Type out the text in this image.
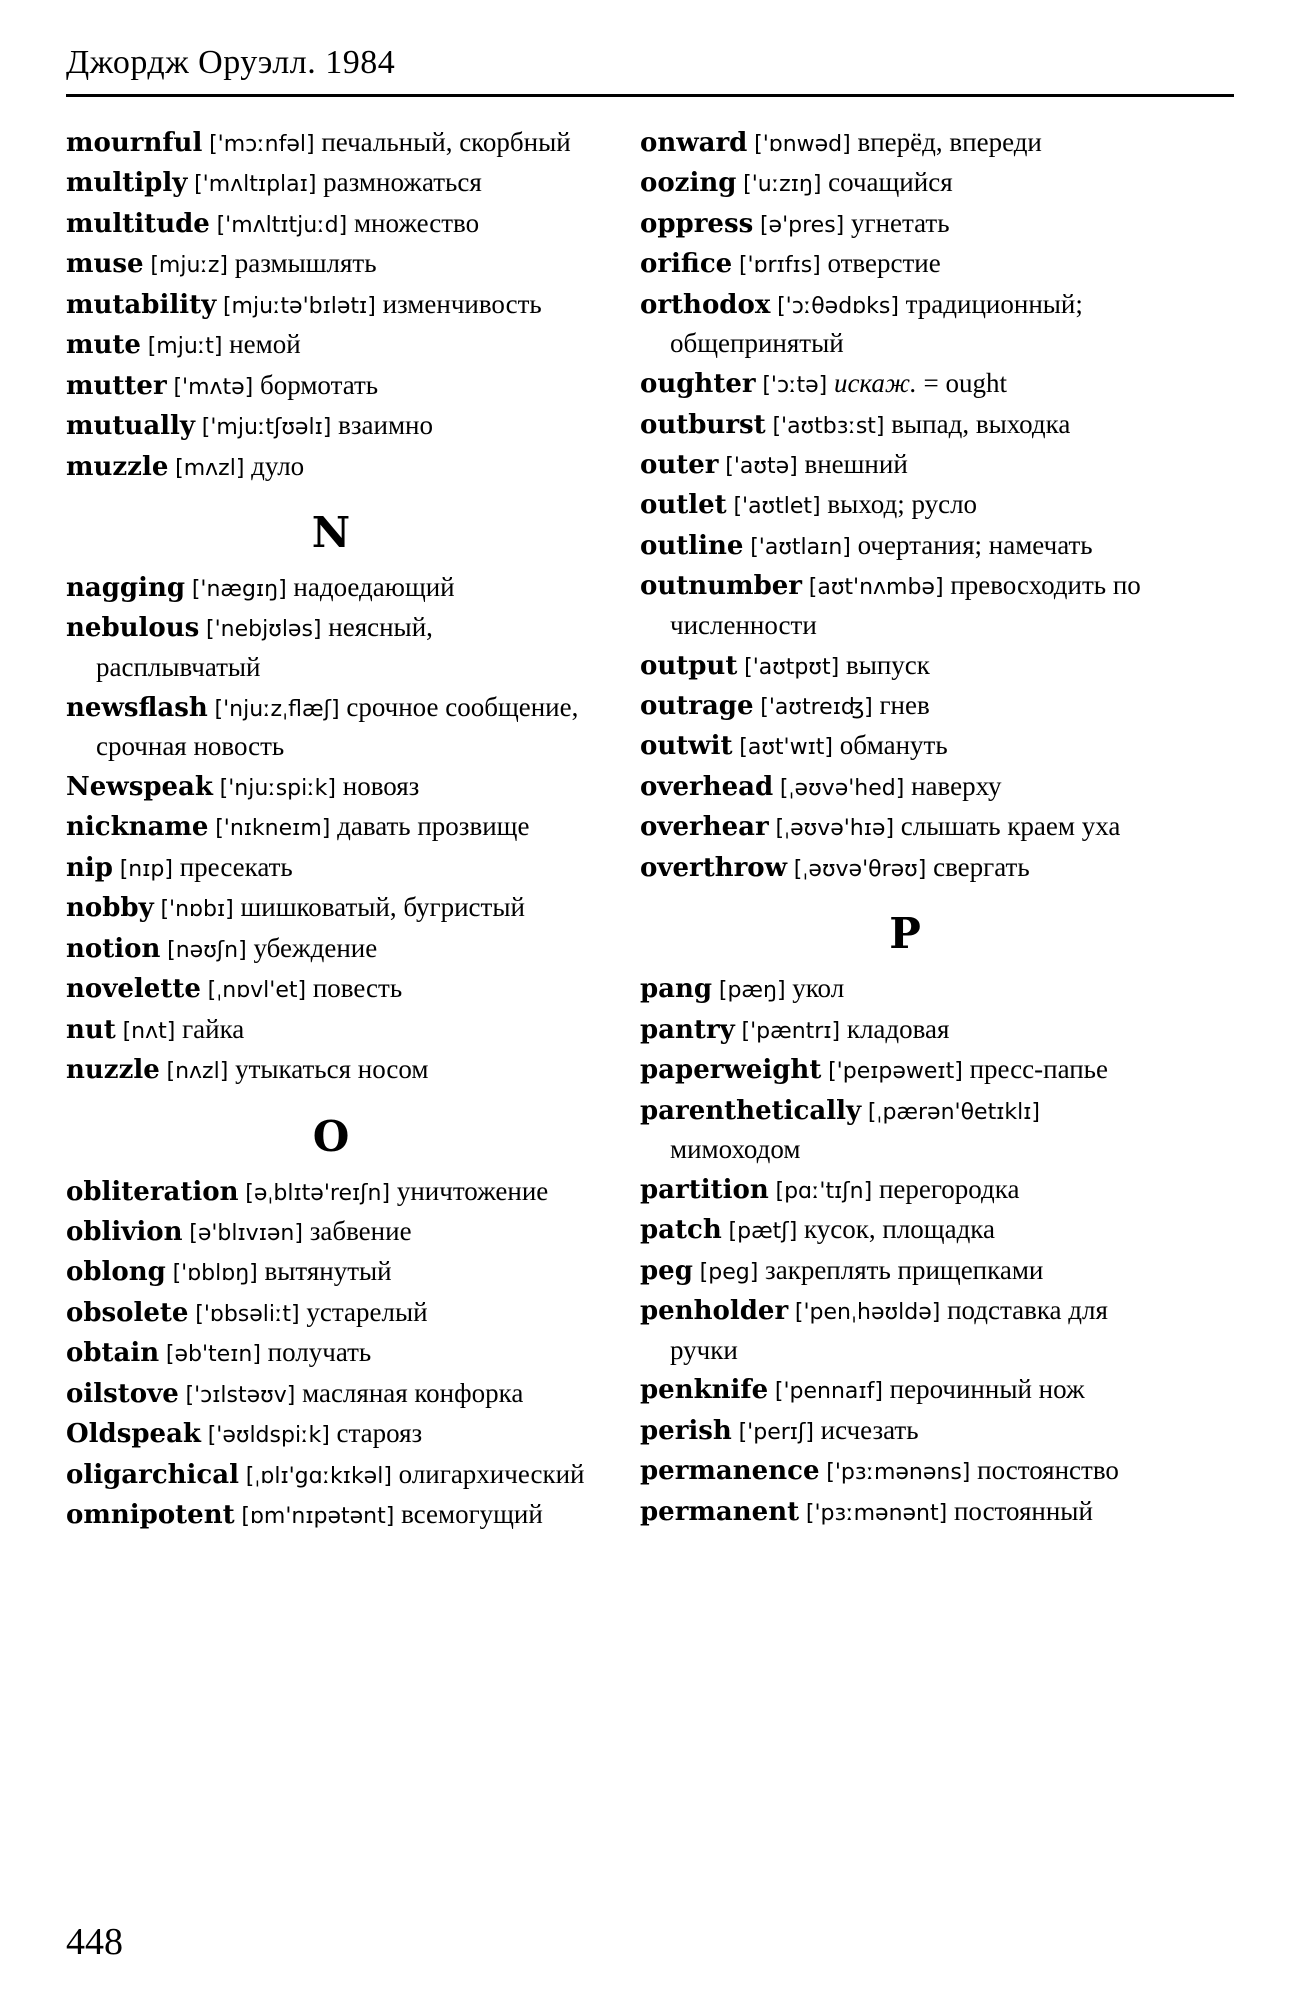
Джордж Оруэлл. 1984
mournful ['mɔːnfəl] печальный, скорбный
multiply ['mʌltɪplaɪ] размножаться
multitude ['mʌltɪtjuːd] множество
muse [mjuːz] размышлять
mutability [mjuːtə'bɪlətɪ] изменчивость
mute [mjuːt] немой
mutter ['mʌtə] бормотать
mutually ['mjuːtʃʊəlɪ] взаимно
muzzle [mʌzl] дуло
N
nagging ['nægɪŋ] надоедающий
nebulous ['nebjʊləs] неясный, расплывчатый
newsflash ['njuːzˌflæʃ] срочное сообщение, срочная новость
Newspeak ['njuːspiːk] новояз
nickname ['nɪkneɪm] давать прозвище
nip [nɪp] пресекать
nobby ['nɒbɪ] шишковатый, бугристый
notion [nəʊʃn] убеждение
novelette [ˌnɒvl'et] повесть
nut [nʌt] гайка
nuzzle [nʌzl] утыкаться носом
O
obliteration [əˌblɪtə'reɪʃn] уничтожение
oblivion [ə'blɪvɪən] забвение
oblong ['ɒblɒŋ] вытянутый
obsolete ['ɒbsəliːt] устарелый
obtain [əb'teɪn] получать
oilstove ['ɔɪlstəʊv] масляная конфорка
Oldspeak ['əʊldspiːk] старояз
oligarchical [ˌɒlɪ'gɑːkɪkəl] олигархический
omnipotent [ɒm'nɪpətənt] всемогущий
onward ['ɒnwəd] вперёд, впереди
oozing ['uːzɪŋ] сочащийся
oppress [ə'pres] угнетать
orifice ['ɒrɪfɪs] отверстие
orthodox ['ɔːθədɒks] традиционный; общепринятый
oughter ['ɔːtə] искаж. = ought
outburst ['aʊtbɜːst] выпад, выходка
outer ['aʊtə] внешний
outlet ['aʊtlet] выход; русло
outline ['aʊtlaɪn] очертания; намечать
outnumber [aʊt'nʌmbə] превосходить по численности
output ['aʊtpʊt] выпуск
outrage ['aʊtreɪʤ] гнев
outwit [aʊt'wɪt] обмануть
overhead [ˌəʊvə'hed] наверху
overhear [ˌəʊvə'hɪə] слышать краем уха
overthrow [ˌəʊvə'θrəʊ] свергать
P
pang [pæŋ] укол
pantry ['pæntrɪ] кладовая
paperweight ['peɪpəweɪt] пресс-папье
parenthetically [ˌpærən'θetɪklɪ] мимоходом
partition [pɑː'tɪʃn] перегородка
patch [pætʃ] кусок, площадка
peg [peg] закреплять прищепками
penholder ['penˌhəʊldə] подставка для ручки
penknife ['pennaɪf] перочинный нож
perish ['perɪʃ] исчезать
permanence ['pɜːmənəns] постоянство
permanent ['pɜːmənənt] постоянный
448
